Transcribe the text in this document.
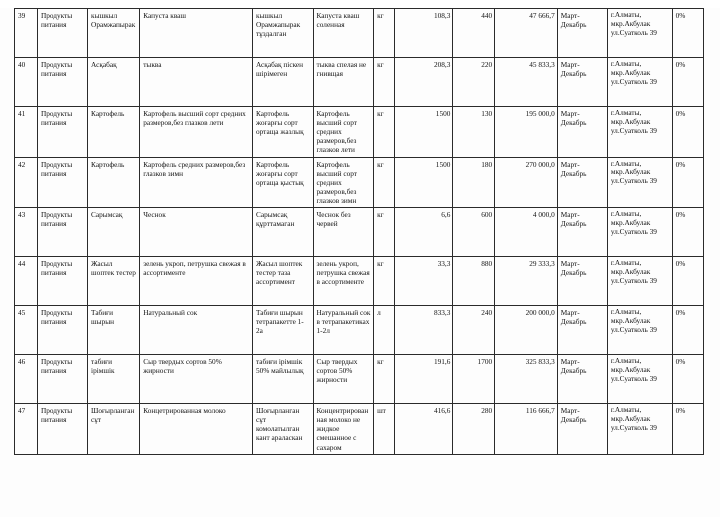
39	Продукты питания	кышкыл Орамжапырак	Капуста кваш	кышкыл Орамжапырак тұздалган	Капуста кваш соленная	кг	108,3	440	47 666,7	Март-Декабрь	г.Алматы, мкр.Акбулак ул.Суатколь 39	0%
40	Продукты питания	Асқабақ	тыква	Асқабақ піскен шірімеген	тыква спелая не гнивщая	кг	208,3	220	45 833,3	Март-Декабрь	г.Алматы, мкр.Акбулак ул.Суатколь 39	0%
41	Продукты питания	Картофель	Картофель высший сорт средних размеров,без глазков лети	Картофель жоғарғы сорт ортаща жазлық	Картофель высший сорт средних размеров,без глазков лети	кг	1500	130	195 000,0	Март-Декабрь	г.Алматы, мкр.Акбулак ул.Суатколь 39	0%
42	Продукты питания	Картофель	Картофель средних размеров,без глазков зимн	Картофель жоғарғы сорт ортаща қыстық	Картофель высший сорт средних размеров,без глазков зимн	кг	1500	180	270 000,0	Март-Декабрь	г.Алматы, мкр.Акбулак ул.Суатколь 39	0%
43	Продукты питания	Сарымсақ	Чеснок	Сарымсақ құрттамаган	Чеснок без червей	кг	6,6	600	4 000,0	Март-Декабрь	г.Алматы, мкр.Акбулак ул.Суатколь 39	0%
44	Продукты питания	Жасыл шоптек тестер	зелень укроп, петрушка свежая в ассортименте	Жасыл шоптек тестер таза ассортимент	зелень укроп, петрушка свежая в ассортименте	кг	33,3	880	29 333,3	Март-Декабрь	г.Алматы, мкр.Акбулак ул.Суатколь 39	0%
45	Продукты питания	Табиғи шырын	Натуральный сок	Табиғи шырын тетрапакетте 1-2а	Натуральный сок в тетрапакетиках 1-2л	л	833,3	240	200 000,0	Март-Декабрь	г.Алматы, мкр.Акбулак ул.Суатколь 39	0%
46	Продукты питания	табиғи ірімшік	Сыр твердых сортов 50% жирности	табиғи ірімшік 50% майлылық	Сыр твердых сортов 50% жирности	кг	191,6	1700	325 833,3	Март-Декабрь	г.Алматы, мкр.Акбулак ул.Суатколь 39	0%
47	Продукты питания	Шоғырланган сұт	Концетрированная молоко	Шоғырланган сұт комолатылган кант араласкан	Концентрирован ная молоко не жидкое смешанное с сахаром	шт	416,6	280	116 666,7	Март-Декабрь	г.Алматы, мкр.Акбулак ул.Суатколь 39	0%
